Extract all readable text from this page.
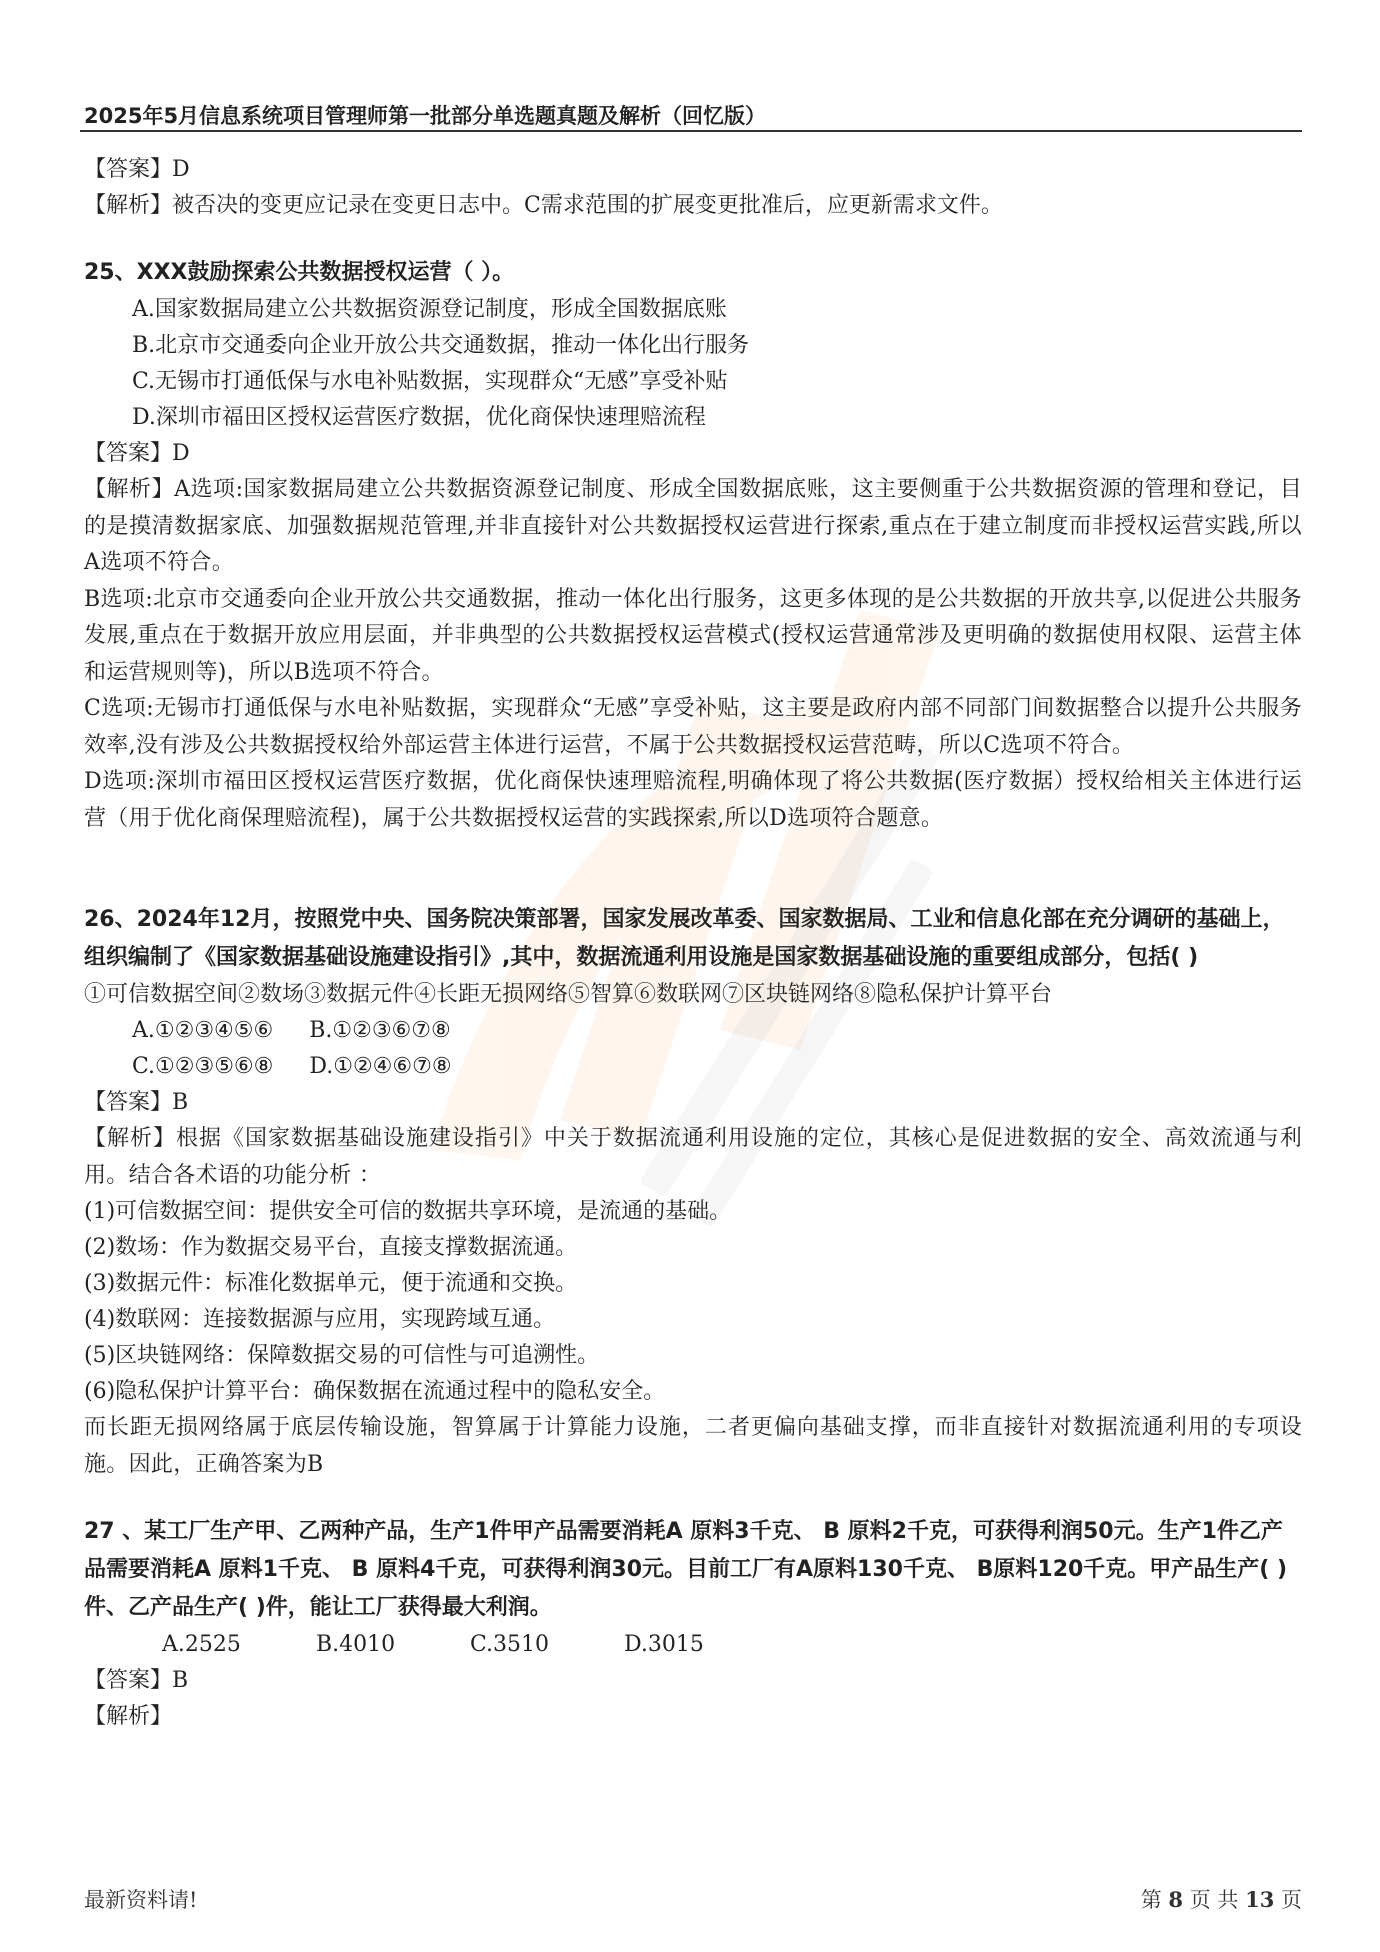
2025年5月信息系统项目管理师第一批部分单选题真题及解析（回忆版）
【答案】D
【解析】被否决的变更应记录在变更日志中。C需求范围的扩展变更批准后，应更新需求文件。
25、XXX鼓励探索公共数据授权运营（ ）。
A.国家数据局建立公共数据资源登记制度，形成全国数据底账
B.北京市交通委向企业开放公共交通数据，推动一体化出行服务
C.无锡市打通低保与水电补贴数据，实现群众“无感”享受补贴
D.深圳市福田区授权运营医疗数据，优化商保快速理赔流程
【答案】D
【解析】A选项:国家数据局建立公共数据资源登记制度、形成全国数据底账，这主要侧重于公共数据资源的管理和登记，目的是摸清数据家底、加强数据规范管理,并非直接针对公共数据授权运营进行探索,重点在于建立制度而非授权运营实践,所以A选项不符合。
B选项:北京市交通委向企业开放公共交通数据，推动一体化出行服务，这更多体现的是公共数据的开放共享,以促进公共服务发展,重点在于数据开放应用层面，并非典型的公共数据授权运营模式(授权运营通常涉及更明确的数据使用权限、运营主体和运营规则等)，所以B选项不符合。
C选项:无锡市打通低保与水电补贴数据，实现群众“无感”享受补贴，这主要是政府内部不同部门间数据整合以提升公共服务效率,没有涉及公共数据授权给外部运营主体进行运营，不属于公共数据授权运营范畴，所以C选项不符合。
D选项:深圳市福田区授权运营医疗数据，优化商保快速理赔流程,明确体现了将公共数据(医疗数据）授权给相关主体进行运营（用于优化商保理赔流程)，属于公共数据授权运营的实践探索,所以D选项符合题意。
26、2024年12月，按照党中央、国务院决策部署，国家发展改革委、国家数据局、工业和信息化部在充分调研的基础上，组织编制了《国家数据基础设施建设指引》,其中，数据流通利用设施是国家数据基础设施的重要组成部分，包括( )
①可信数据空间②数场③数据元件④长距无损网络⑤智算⑥数联网⑦区块链网络⑧隐私保护计算平台
A.①②③④⑤⑥ B.①②③⑥⑦⑧
C.①②③⑤⑥⑧ D.①②④⑥⑦⑧
【答案】B
【解析】根据《国家数据基础设施建设指引》中关于数据流通利用设施的定位，其核心是促进数据的安全、高效流通与利用。结合各术语的功能分析 ：
(1)可信数据空间：提供安全可信的数据共享环境，是流通的基础。
(2)数场：作为数据交易平台，直接支撑数据流通。
(3)数据元件：标准化数据单元，便于流通和交换。
(4)数联网：连接数据源与应用，实现跨域互通。
(5)区块链网络：保障数据交易的可信性与可追溯性。
(6)隐私保护计算平台：确保数据在流通过程中的隐私安全。
而长距无损网络属于底层传输设施，智算属于计算能力设施，二者更偏向基础支撑，而非直接针对数据流通利用的专项设施。因此，正确答案为B
27 、某工厂生产甲、乙两种产品，生产1件甲产品需要消耗A 原料3千克、 B 原料2千克，可获得利润50元。生产1件乙产品需要消耗A 原料1千克、 B 原料4千克，可获得利润30元。目前工厂有A原料130千克、 B原料120千克。甲产品生产( )件、乙产品生产( )件，能让工厂获得最大利润。
A.2525	B.4010	C.3510	D.3015
【答案】B
【解析】
最新资料请!	第 8 页 共 13 页
